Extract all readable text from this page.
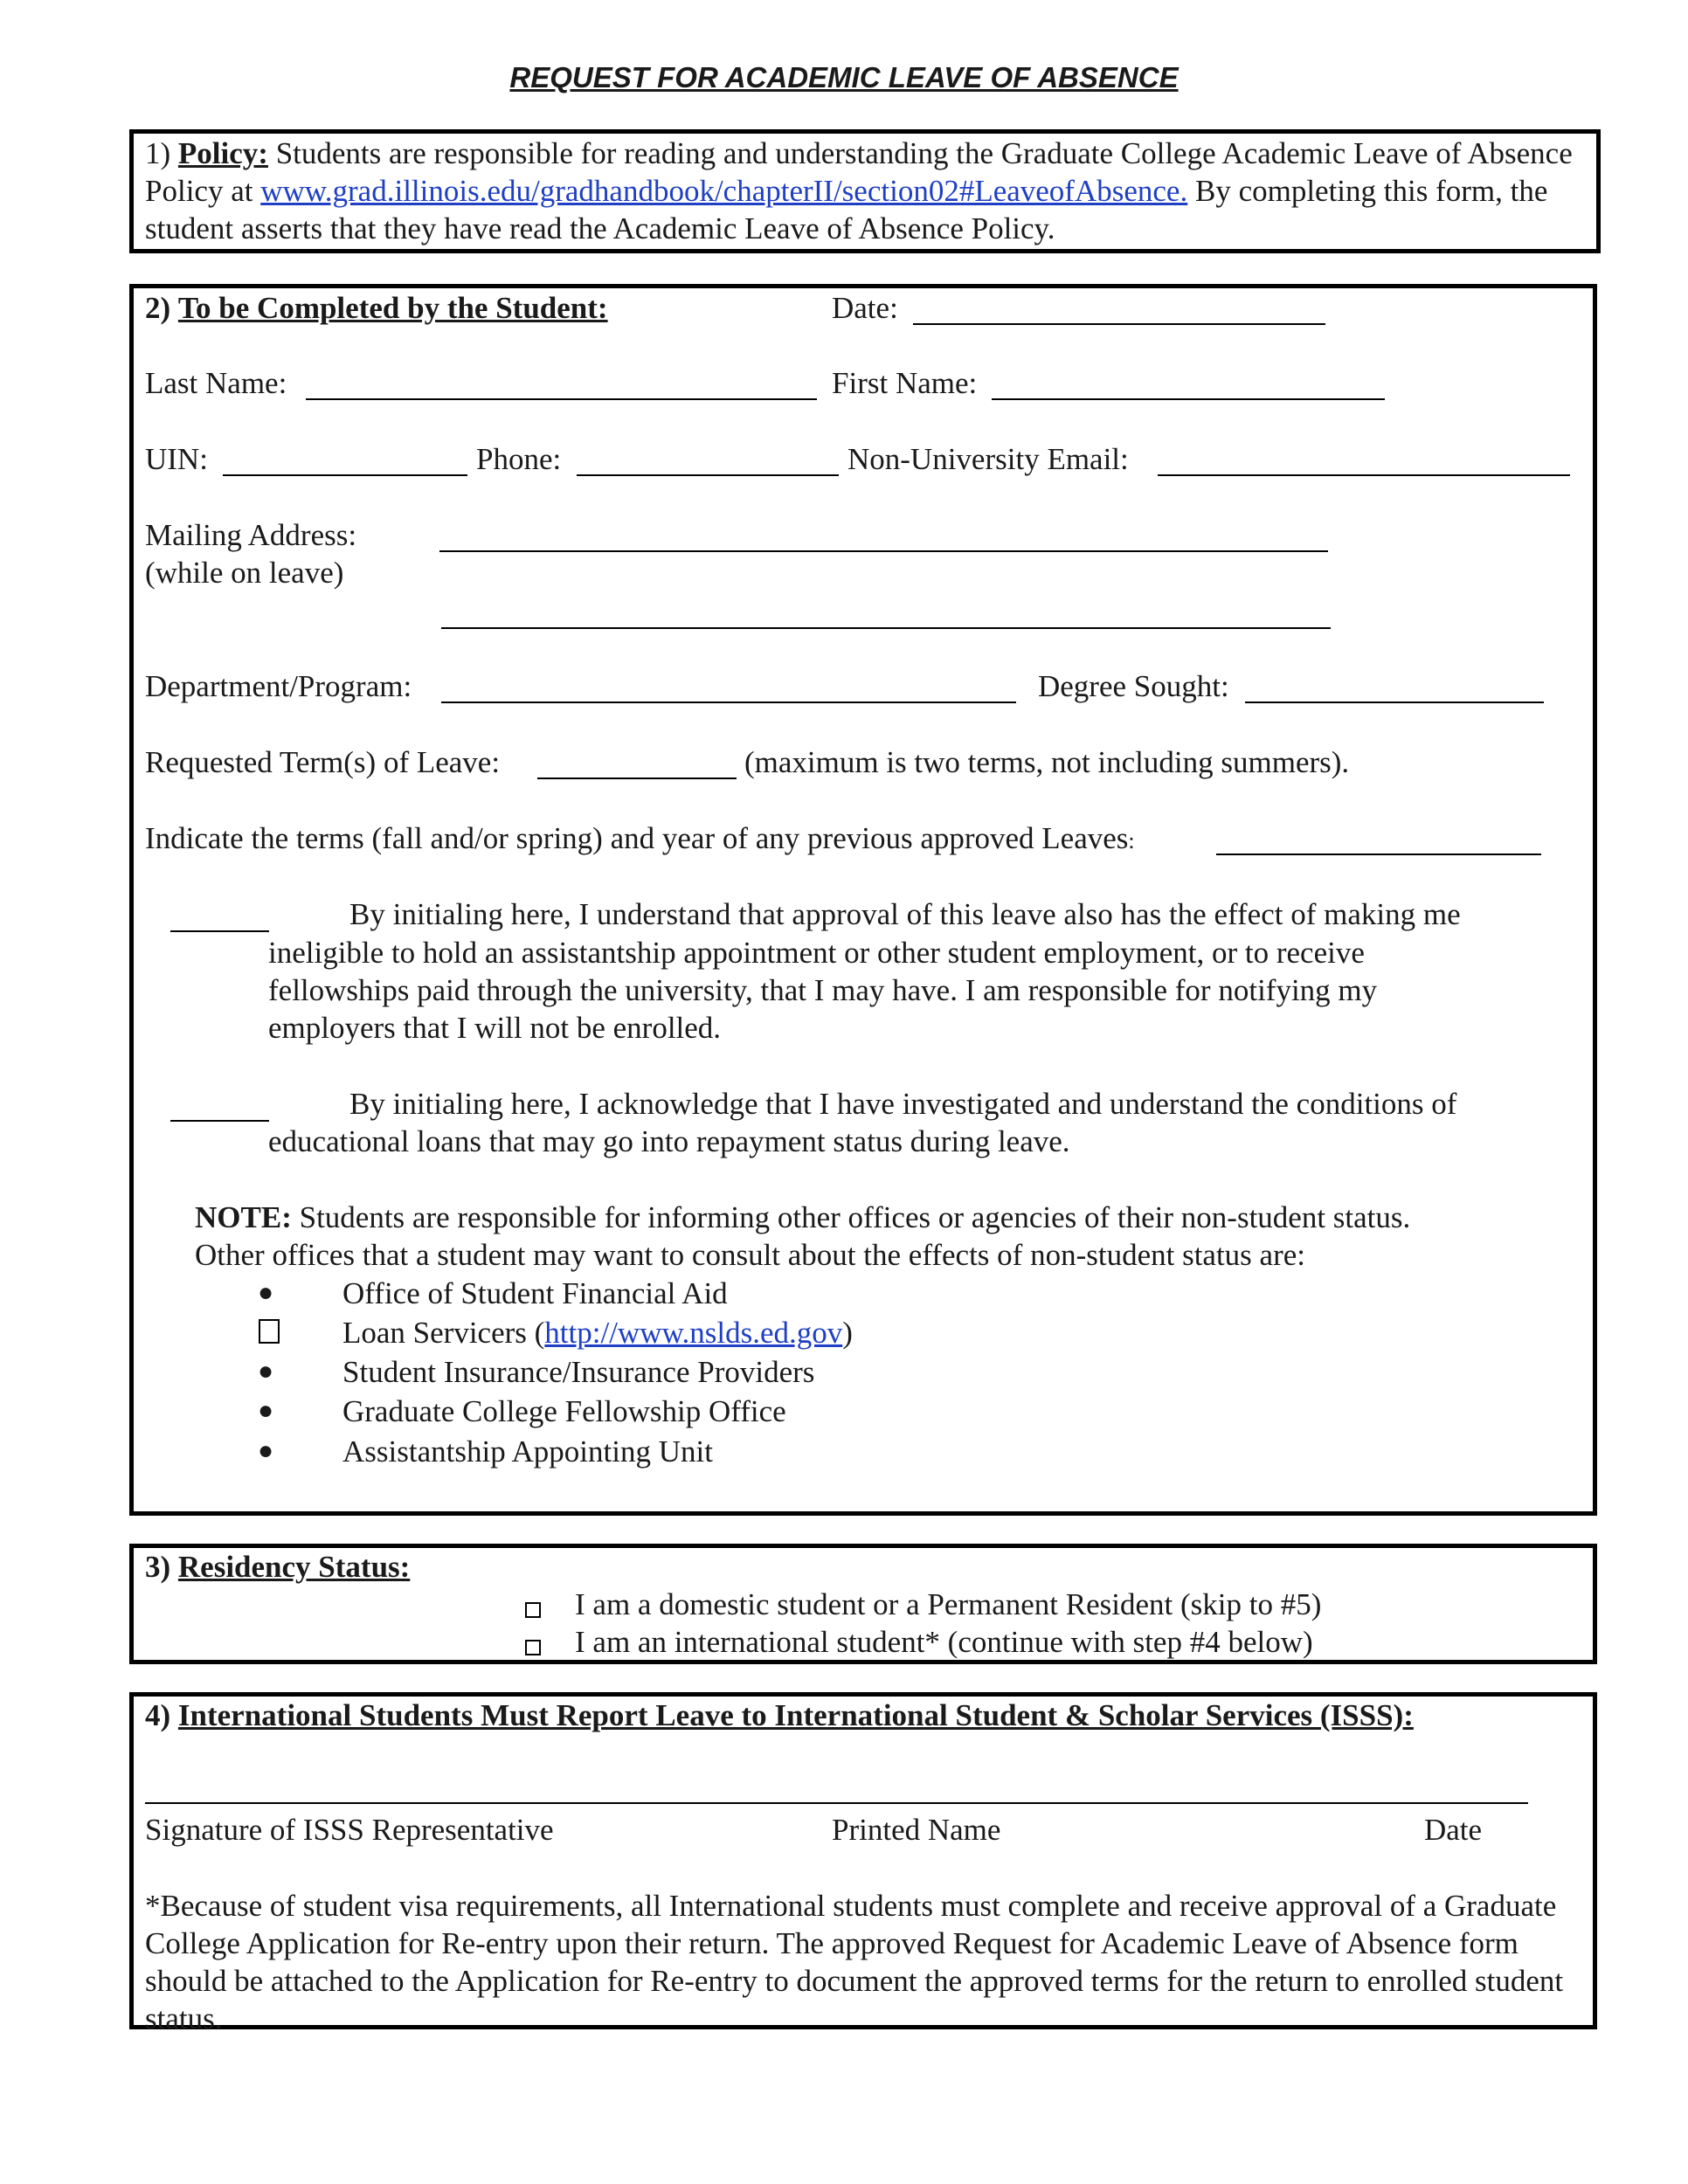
REQUEST FOR ACADEMIC LEAVE OF ABSENCE
1) Policy: Students are responsible for reading and understanding the Graduate College Academic Leave of Absence Policy at www.grad.illinois.edu/gradhandbook/chapterII/section02#LeaveofAbsence. By completing this form, the student asserts that they have read the Academic Leave of Absence Policy.
2) To be Completed by the Student:	Date:
Last Name:	First Name:
UIN:	Phone:	Non-University Email:
Mailing Address:
(while on leave)
Department/Program:	Degree Sought:
Requested Term(s) of Leave:	(maximum is two terms, not including summers).
Indicate the terms (fall and/or spring) and year of any previous approved Leaves:
By initialing here, I understand that approval of this leave also has the effect of making me
ineligible to hold an assistantship appointment or other student employment, or to receive fellowships paid through the university, that I may have. I am responsible for notifying my employers that I will not be enrolled.
By initialing here, I acknowledge that I have investigated and understand the conditions of
educational loans that may go into repayment status during leave.
NOTE: Students are responsible for informing other offices or agencies of their non-student status.
Other offices that a student may want to consult about the effects of non-student status are:
● Office of Student Financial Aid
Loan Servicers (http://www.nslds.ed.gov)
● Student Insurance/Insurance Providers
● Graduate College Fellowship Office
● Assistantship Appointing Unit
3) Residency Status:
I am a domestic student or a Permanent Resident (skip to #5)
I am an international student* (continue with step #4 below)
4) International Students Must Report Leave to International Student & Scholar Services (ISSS):
Signature of ISSS Representative	Printed Name	Date
*Because of student visa requirements, all International students must complete and receive approval of a Graduate College Application for Re-entry upon their return. The approved Request for Academic Leave of Absence form should be attached to the Application for Re-entry to document the approved terms for the return to enrolled student status.
